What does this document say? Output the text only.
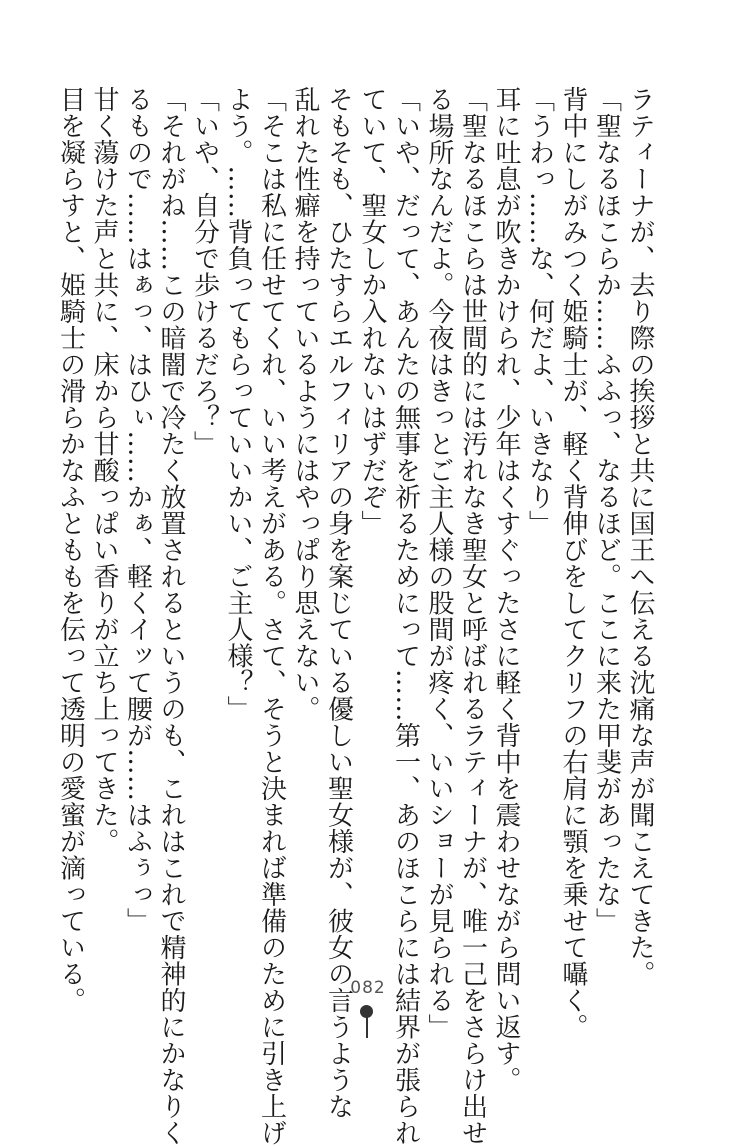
ラティーナが、去り際の挨拶と共に国王へ伝える沈痛な声が聞こえてきた。
「聖なるほこらか……ふふっ、なるほど。ここに来た甲斐があったな」
背中にしがみつく姫騎士が、軽く背伸びをしてクリフの右肩に顎を乗せて囁く。
「うわっ……な、何だよ、いきなり」
耳に吐息が吹きかけられ、少年はくすぐったさに軽く背中を震わせながら問い返す。
「聖なるほこらは世間的には汚れなき聖女と呼ばれるラティーナが、唯一己をさらけ出せ
る場所なんだよ。今夜はきっとご主人様の股間が疼く、いいショーが見られる」
「いや、だって、あんたの無事を祈るためにって……第一、あのほこらには結界が張られ
ていて、聖女しか入れないはずだぞ」
そもそも、ひたすらエルフィリアの身を案じている優しい聖女様が、彼女の言うような
乱れた性癖を持っているようにはやっぱり思えない。
「そこは私に任せてくれ、いい考えがある。さて、そうと決まれば準備のために引き上げ
よう。……背負ってもらっていいかい、ご主人様？」
「いや、自分で歩けるだろ？」
「それがね……この暗闇で冷たく放置されるというのも、これはこれで精神的にかなりく
るもので……はぁっ、はひぃ……かぁ、軽くイッて腰が……はふぅっ」
甘く蕩けた声と共に、床から甘酸っぱい香りが立ち上ってきた。
目を凝らすと、姫騎士の滑らかなふとももを伝って透明の愛蜜が滴っている。	082
